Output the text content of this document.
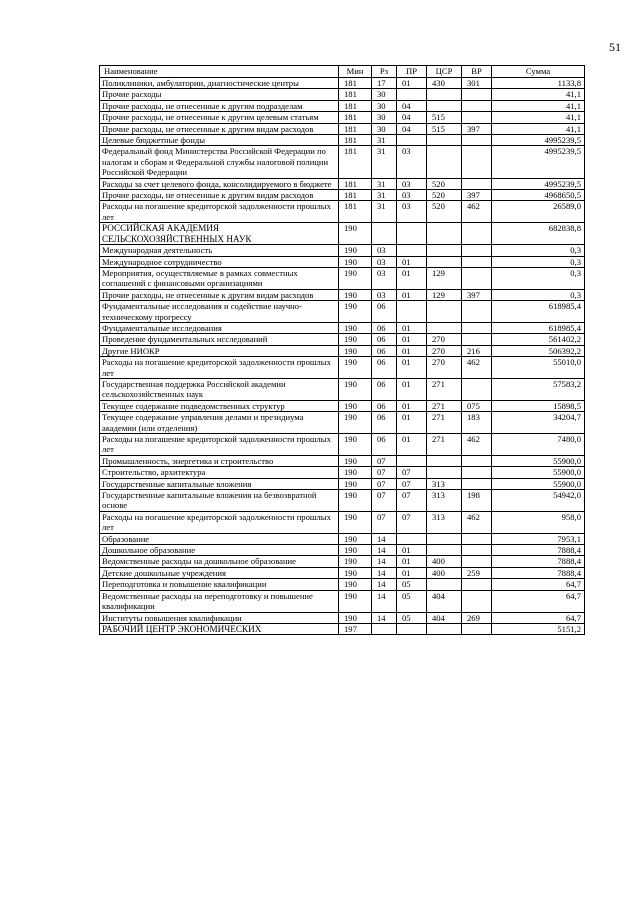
51
Наименование	Мин	Рз	ПР	ЦСР	ВР	Сумма
Поликлиники, амбулатории, диагностические центры	181	17	01	430	301	1133,8
Прочие расходы	181	30				41,1
Прочие расходы, не отнесенные к другим подразделам	181	30	04			41,1
Прочие расходы, не отнесенные к другим целевым статьям	181	30	04	515		41,1
Прочие расходы, не отнесенные к другим видам расходов	181	30	04	515	397	41,1
Целевые бюджетные фонды	181	31				4995239,5
Федеральный фонд Министерства Российской Федерации по налогам и сборам и Федеральной службы налоговой полиции Российской Федерации	181	31	03			4995239,5
Расходы за счет целевого фонда, консолидируемого в бюджете	181	31	03	520		4995239,5
Прочие расходы, не отнесенные к другим видам расходов	181	31	03	520	397	4968650,5
Расходы на погашение кредиторской задолженности прошлых лет	181	31	03	520	462	26589,0
РОССИЙСКАЯ АКАДЕМИЯ СЕЛЬСКОХОЗЯЙСТВЕННЫХ НАУК	190					682838,8
Международная деятельность	190	03				0,3
Международное сотрудничество	190	03	01			0,3
Мероприятия, осуществляемые в рамках совместных соглашений с финансовыми организациями	190	03	01	129		0,3
Прочие расходы, не отнесенные к другим видам расходов	190	03	01	129	397	0,3
Фундаментальные исследования и содействие научно-техническому прогрессу	190	06				618985,4
Фундаментальные исследования	190	06	01			618985,4
Проведение фундаментальных исследований	190	06	01	270		561402,2
Другие НИОКР	190	06	01	270	216	506392,2
Расходы на погашение кредиторской задолженности прошлых лет	190	06	01	270	462	55010,0
Государственная поддержка Российской академии сельскохозяйственных наук	190	06	01	271		57583,2
Текущее содержание подведомственных структур	190	06	01	271	075	15898,5
Текущее содержание управления делами и президиума академии (или отделения)	190	06	01	271	183	34204,7
Расходы на погашение кредиторской задолженности прошлых лет	190	06	01	271	462	7480,0
Промышленность, энергетика и строительство	190	07				55900,0
Строительство, архитектура	190	07	07			55900,0
Государственные капитальные вложения	190	07	07	313		55900,0
Государственные капитальные вложения на безвозвратной основе	190	07	07	313	198	54942,0
Расходы на погашение кредиторской задолженности прошлых лет	190	07	07	313	462	958,0
Образование	190	14				7953,1
Дошкольное образование	190	14	01			7888,4
Ведомственные расходы на дошкольное образование	190	14	01	400		7888,4
Детские дошкольные учреждения	190	14	01	400	259	7888,4
Переподготовка и повышение квалификации	190	14	05			64,7
Ведомственные расходы на переподготовку и повышение квалификации	190	14	05	404		64,7
Институты повышения квалификации	190	14	05	404	269	64,7
РАБОЧИЙ ЦЕНТР ЭКОНОМИЧЕСКИХ	197					5151,2
